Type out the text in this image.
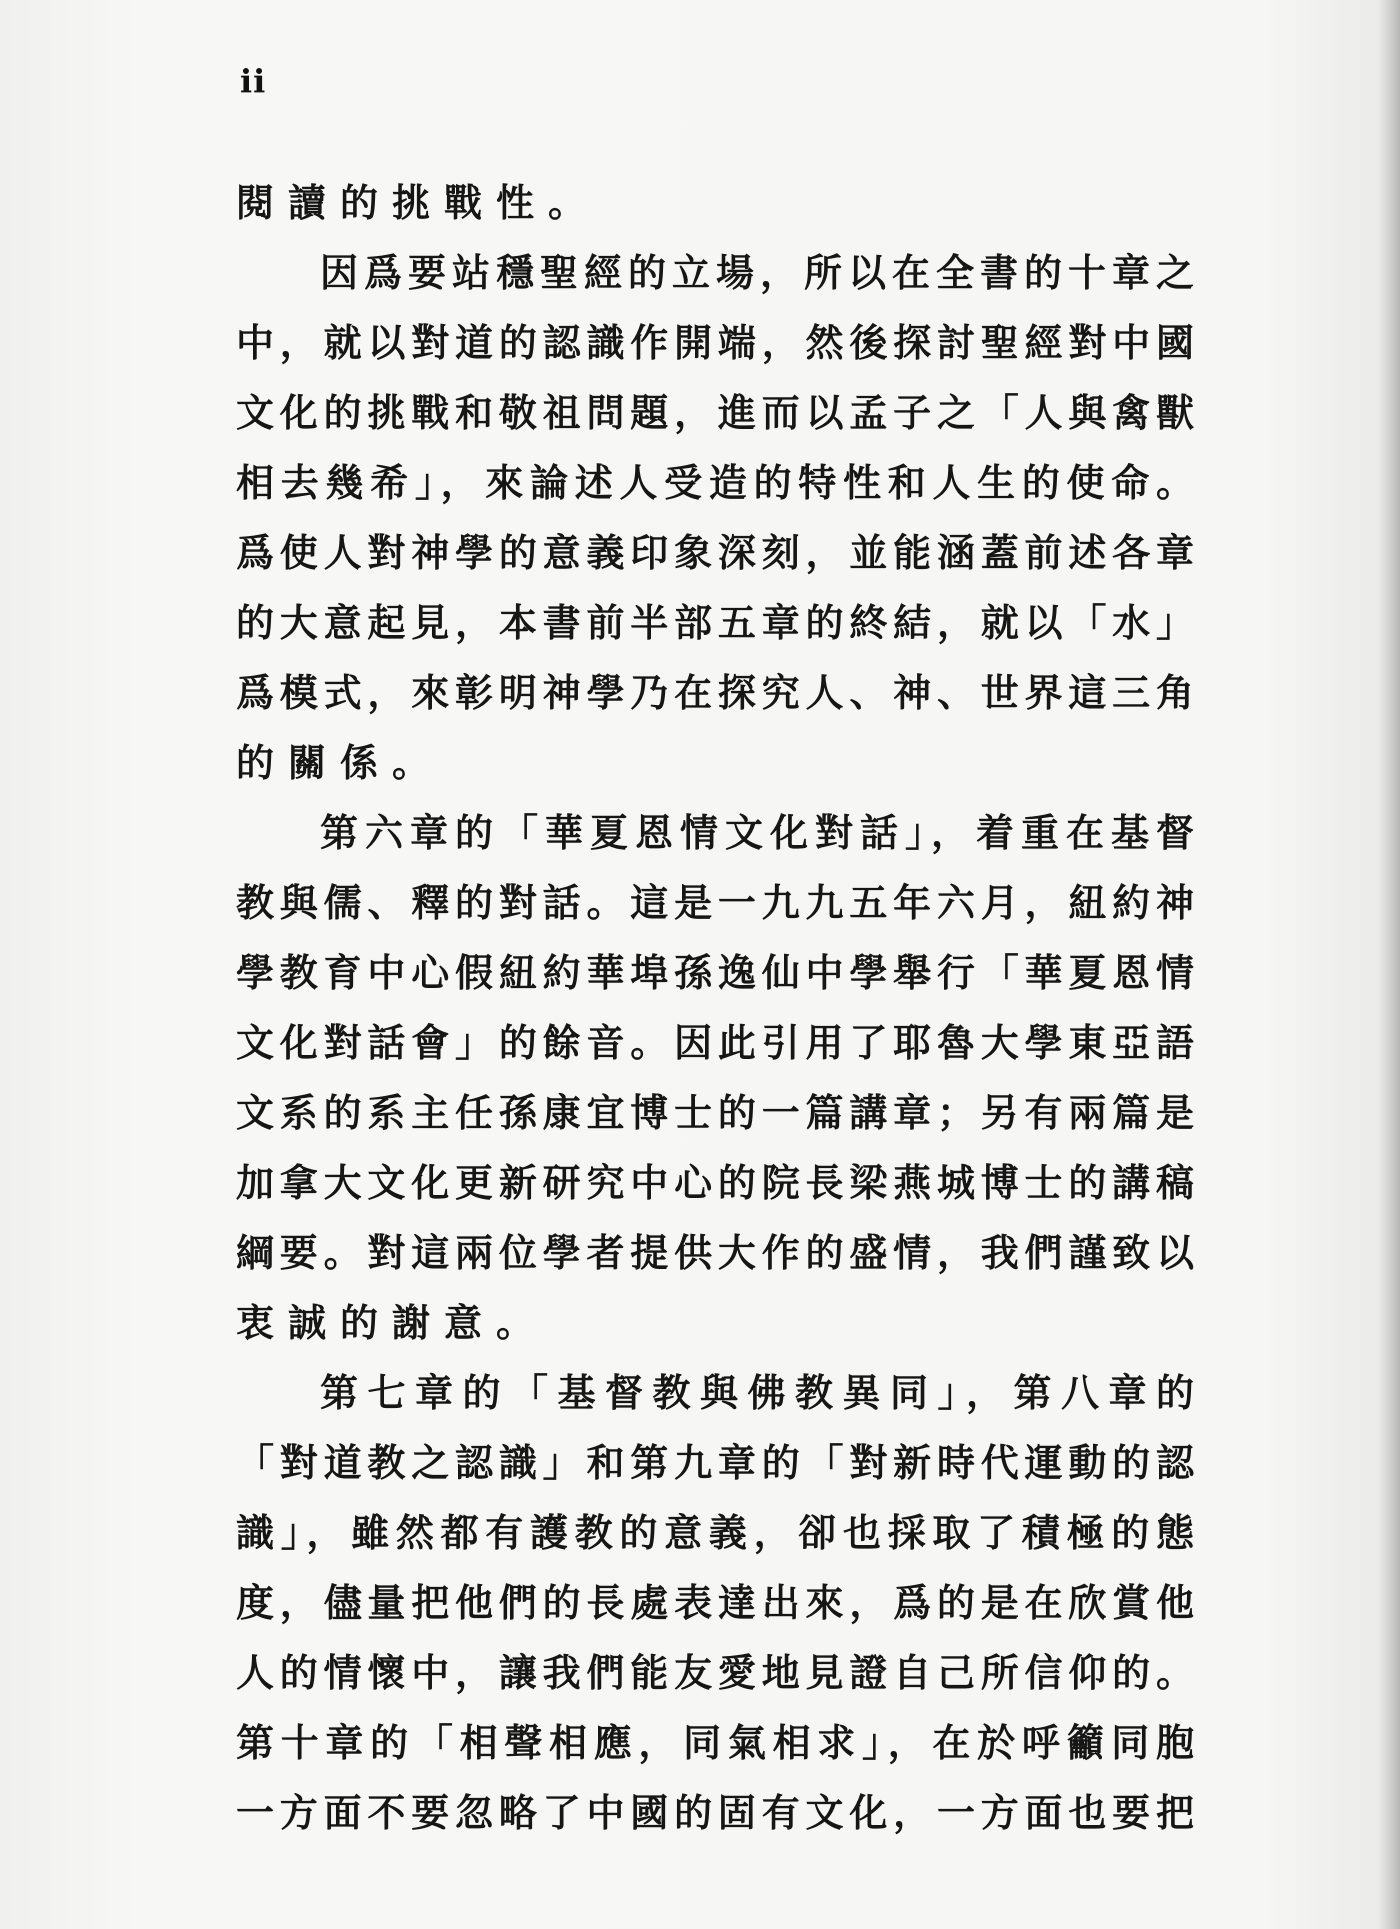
ii
閱讀的挑戰性。
因爲要站穩聖經的立場，所以在全書的十章之
中，就以對道的認識作開端，然後探討聖經對中國
文化的挑戰和敬祖問題，進而以孟子之「人與禽獸
相去幾希」，來論述人受造的特性和人生的使命。
爲使人對神學的意義印象深刻，並能涵蓋前述各章
的大意起見，本書前半部五章的終結，就以「水」
爲模式，來彰明神學乃在探究人、神、世界這三角
的關係。
第六章的「華夏恩情文化對話」，着重在基督
教與儒、釋的對話。這是一九九五年六月，紐約神
學教育中心假紐約華埠孫逸仙中學舉行「華夏恩情
文化對話會」的餘音。因此引用了耶魯大學東亞語
文系的系主任孫康宜博士的一篇講章；另有兩篇是
加拿大文化更新研究中心的院長梁燕城博士的講稿
綱要。對這兩位學者提供大作的盛情，我們謹致以
衷誠的謝意。
第七章的「基督教與佛教異同」，第八章的
「對道教之認識」和第九章的「對新時代運動的認
識」，雖然都有護教的意義，卻也採取了積極的態
度，儘量把他們的長處表達出來，爲的是在欣賞他
人的情懷中，讓我們能友愛地見證自己所信仰的。
第十章的「相聲相應，同氣相求」，在於呼籲同胞
一方面不要忽略了中國的固有文化，一方面也要把
